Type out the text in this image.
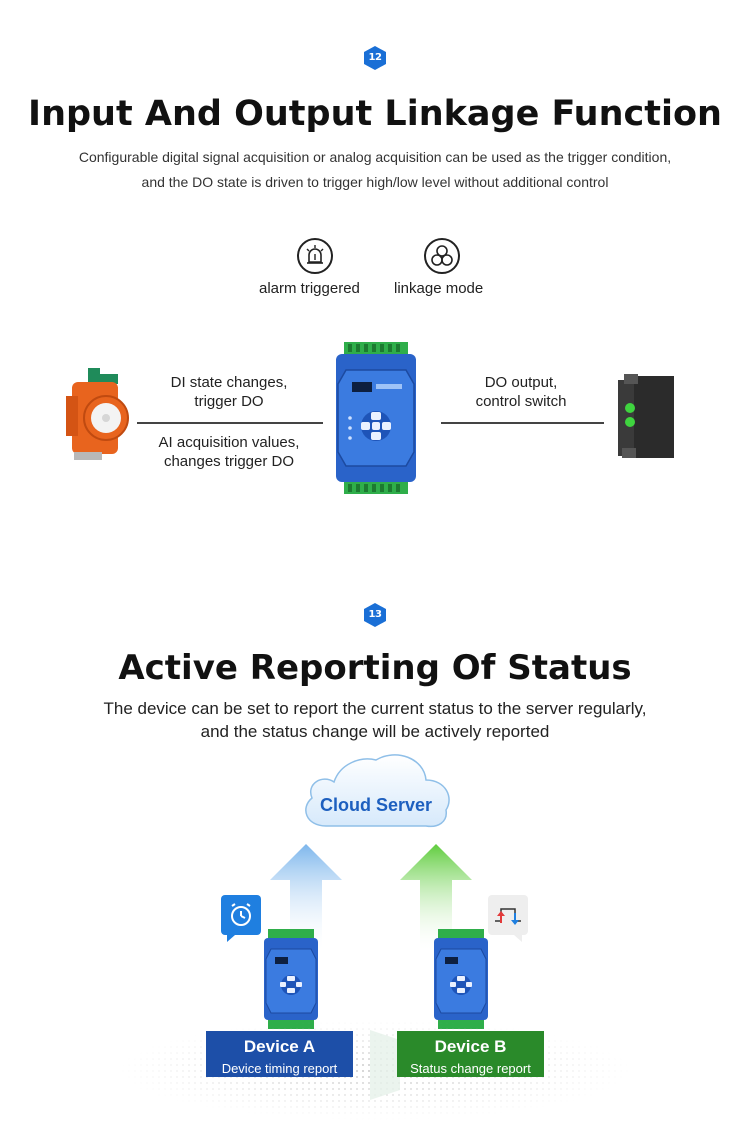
12
Input And Output Linkage Function
Configurable digital signal acquisition or analog acquisition can be used as the trigger condition,
and the DO state is driven to trigger high/low level without additional control
alarm triggered linkage mode
DI state changes,
trigger DO
AI acquisition values,
changes trigger DO
DO output,
control switch
13
Active Reporting Of Status
The device can be set to report the current status to the server regularly,
and the status change will be actively reported
Cloud Server
Device A
Device timing report
Device B
Status change report
